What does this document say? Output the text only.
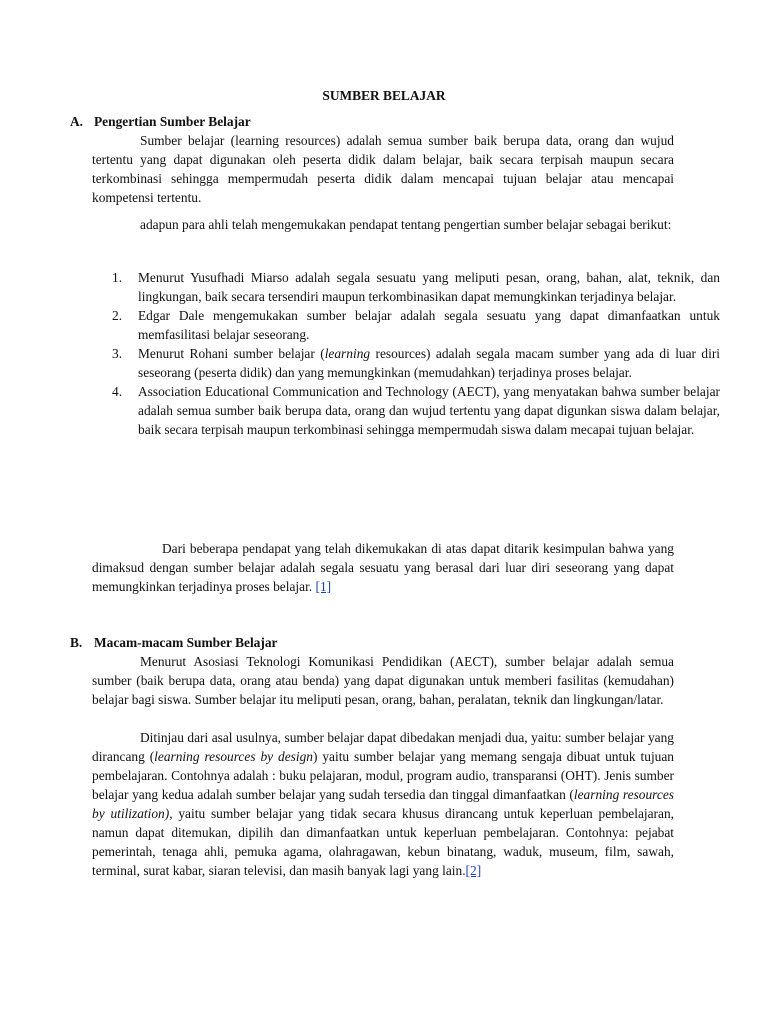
SUMBER BELAJAR
A. Pengertian Sumber Belajar

Sumber belajar (learning resources) adalah semua sumber baik berupa data, orang dan wujud tertentu yang dapat digunakan oleh peserta didik dalam belajar, baik secara terpisah maupun secara terkombinasi sehingga mempermudah peserta didik dalam mencapai tujuan belajar atau mencapai kompetensi tertentu.

adapun para ahli telah mengemukakan pendapat tentang pengertian sumber belajar sebagai berikut:

1. Menurut Yusufhadi Miarso adalah segala sesuatu yang meliputi pesan, orang, bahan, alat, teknik, dan lingkungan, baik secara tersendiri maupun terkombinasikan dapat memungkinkan terjadinya belajar.
2. Edgar Dale mengemukakan sumber belajar adalah segala sesuatu yang dapat dimanfaatkan untuk memfasilitasi belajar seseorang.
3. Menurut Rohani sumber belajar (learning resources) adalah segala macam sumber yang ada di luar diri seseorang (peserta didik) dan yang memungkinkan (memudahkan) terjadinya proses belajar.
4. Association Educational Communication and Technology (AECT), yang menyatakan bahwa sumber belajar adalah semua sumber baik berupa data, orang dan wujud tertentu yang dapat digunkan siswa dalam belajar, baik secara terpisah maupun terkombinasi sehingga mempermudah siswa dalam mecapai tujuan belajar.

Dari beberapa pendapat yang telah dikemukakan di atas dapat ditarik kesimpulan bahwa yang dimaksud dengan sumber belajar adalah segala sesuatu yang berasal dari luar diri seseorang yang dapat memungkinkan terjadinya proses belajar. [1]

B. Macam-macam Sumber Belajar

Menurut Asosiasi Teknologi Komunikasi Pendidikan (AECT), sumber belajar adalah semua sumber (baik berupa data, orang atau benda) yang dapat digunakan untuk memberi fasilitas (kemudahan) belajar bagi siswa. Sumber belajar itu meliputi pesan, orang, bahan, peralatan, teknik dan lingkungan/latar.

Ditinjau dari asal usulnya, sumber belajar dapat dibedakan menjadi dua, yaitu: sumber belajar yang dirancang (learning resources by design) yaitu sumber belajar yang memang sengaja dibuat untuk tujuan pembelajaran. Contohnya adalah : buku pelajaran, modul, program audio, transparansi (OHT). Jenis sumber belajar yang kedua adalah sumber belajar yang sudah tersedia dan tinggal dimanfaatkan (learning resources by utilization), yaitu sumber belajar yang tidak secara khusus dirancang untuk keperluan pembelajaran, namun dapat ditemukan, dipilih dan dimanfaatkan untuk keperluan pembelajaran. Contohnya: pejabat pemerintah, tenaga ahli, pemuka agama, olahragawan, kebun binatang, waduk, museum, film, sawah, terminal, surat kabar, siaran televisi, dan masih banyak lagi yang lain.[2]
